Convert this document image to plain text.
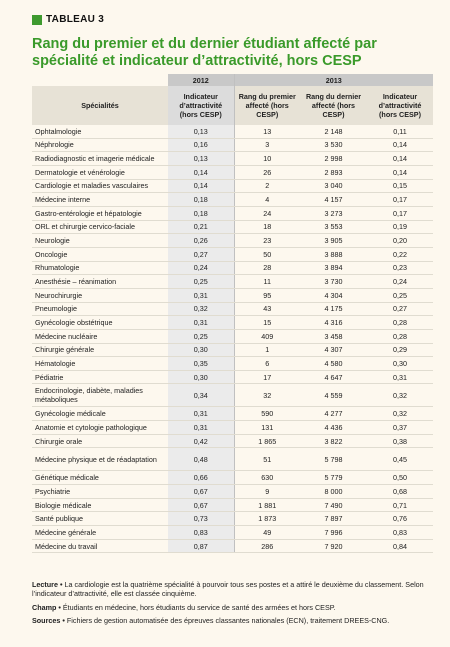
TABLEAU 3
Rang du premier et du dernier étudiant affecté par spécialité et indicateur d’attractivité, hors CESP
	2012	2013		
Spécialités	Indicateur d’attractivité (hors CESP)	Rang du premier affecté (hors CESP)	Rang du dernier affecté (hors CESP)	Indicateur d’attractivité (hors CESP)
Ophtalmologie	0,13	13	2 148	0,11
Néphrologie	0,16	3	3 530	0,14
Radiodiagnostic et imagerie médicale	0,13	10	2 998	0,14
Dermatologie et vénérologie	0,14	26	2 893	0,14
Cardiologie et maladies vasculaires	0,14	2	3 040	0,15
Médecine interne	0,18	4	4 157	0,17
Gastro-entérologie et hépatologie	0,18	24	3 273	0,17
ORL et chirurgie cervico-faciale	0,21	18	3 553	0,19
Neurologie	0,26	23	3 905	0,20
Oncologie	0,27	50	3 888	0,22
Rhumatologie	0,24	28	3 894	0,23
Anesthésie – réanimation	0,25	11	3 730	0,24
Neurochirurgie	0,31	95	4 304	0,25
Pneumologie	0,32	43	4 175	0,27
Gynécologie obstétrique	0,31	15	4 316	0,28
Médecine nucléaire	0,25	409	3 458	0,28
Chirurgie générale	0,30	1	4 307	0,29
Hématologie	0,35	6	4 580	0,30
Pédiatrie	0,30	17	4 647	0,31
Endocrinologie, diabète, maladies métaboliques	0,34	32	4 559	0,32
Gynécologie médicale	0,31	590	4 277	0,32
Anatomie et cytologie pathologique	0,31	131	4 436	0,37
Chirurgie orale	0,42	1 865	3 822	0,38
Médecine physique et de réadaptation	0,48	51	5 798	0,45
Génétique médicale	0,66	630	5 779	0,50
Psychiatrie	0,67	9	8 000	0,68
Biologie médicale	0,67	1 881	7 490	0,71
Santé publique	0,73	1 873	7 897	0,76
Médecine générale	0,83	49	7 996	0,83
Médecine du travail	0,87	286	7 920	0,84

Lecture • La cardiologie est la quatrième spécialité à pourvoir tous ses postes et a attiré le deuxième du classement. Selon l’indicateur d’attractivité, elle est classée cinquième.

Champ • Étudiants en médecine, hors étudiants du service de santé des armées et hors CESP.

Sources • Fichiers de gestion automatisée des épreuves classantes nationales (ECN), traitement DREES-CNG.
